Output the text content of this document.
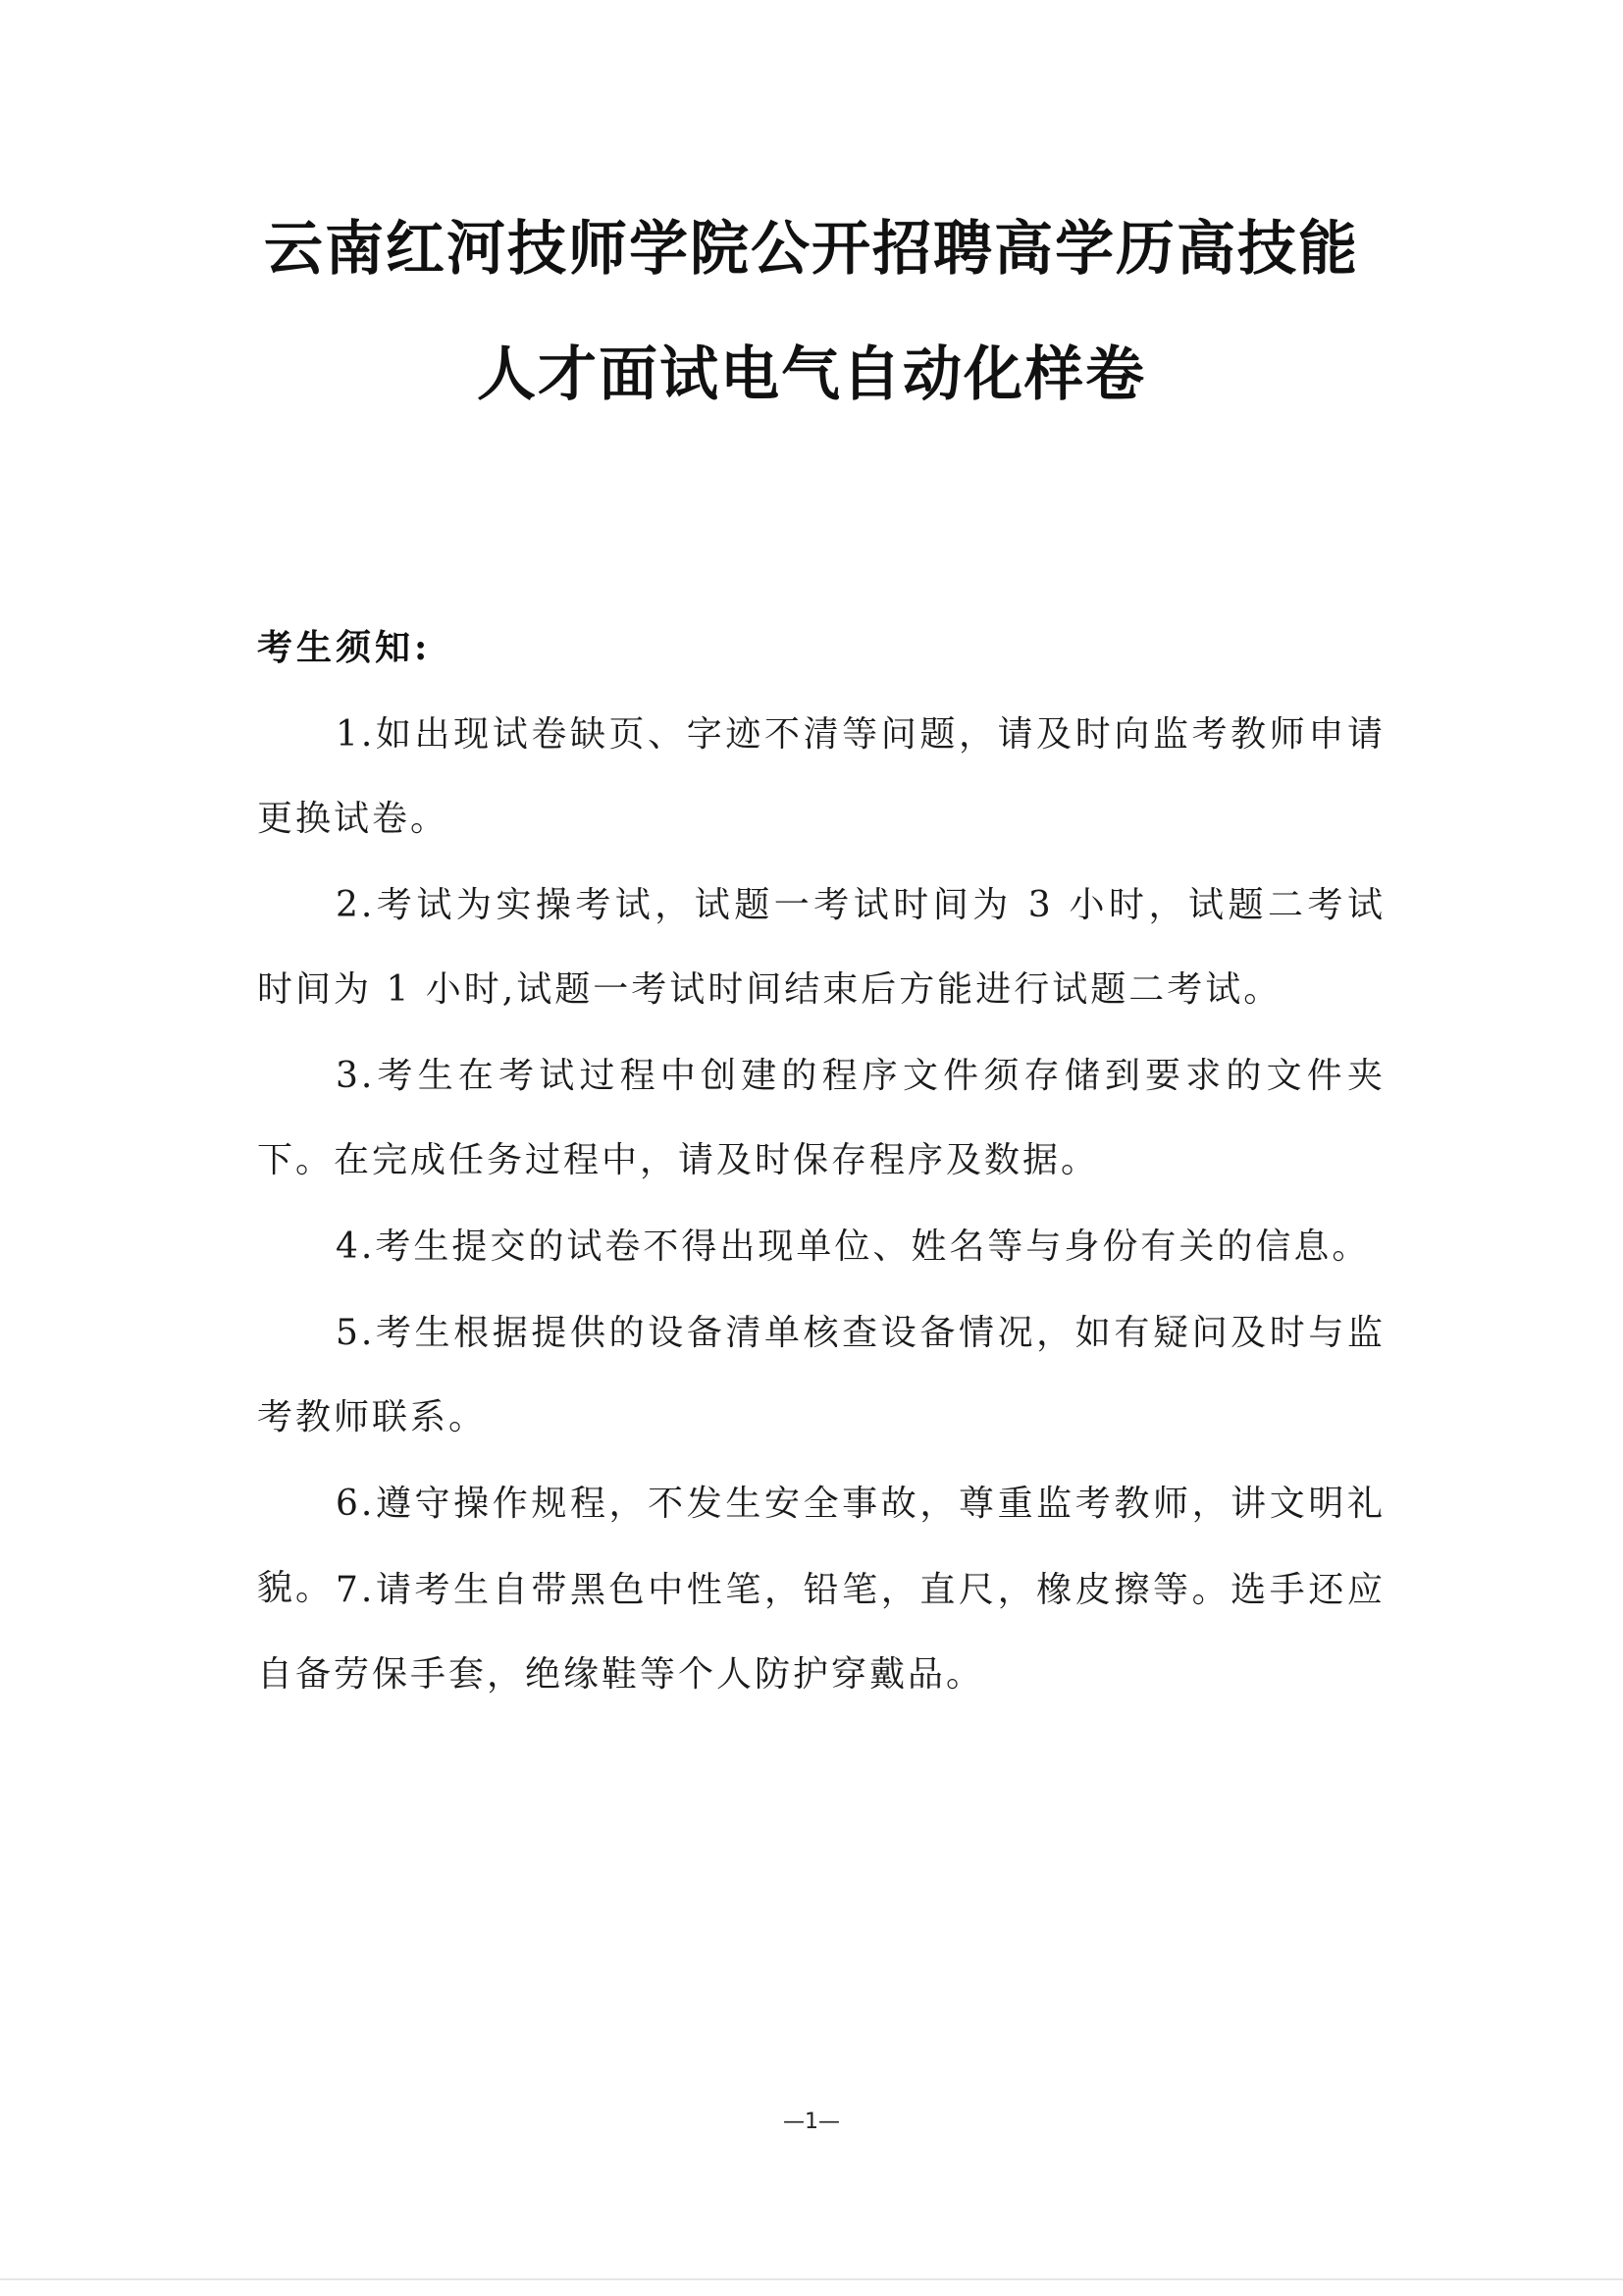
云南红河技师学院公开招聘高学历高技能
人才面试电气自动化样卷
考生须知:
1.如出现试卷缺页、字迹不清等问题，请及时向监考教师申请更换试卷。
2.考试为实操考试，试题一考试时间为 3 小时，试题二考试时间为 1 小时,试题一考试时间结束后方能进行试题二考试。
3.考生在考试过程中创建的程序文件须存储到要求的文件夹下。在完成任务过程中，请及时保存程序及数据。
4.考生提交的试卷不得出现单位、姓名等与身份有关的信息。
5.考生根据提供的设备清单核查设备情况，如有疑问及时与监考教师联系。
6.遵守操作规程，不发生安全事故，尊重监考教师，讲文明礼貌。 7.请考生自带黑色中性笔，铅笔，直尺，橡皮擦等。选手还应自备劳保手套，绝缘鞋等个人防护穿戴品。
—1—
